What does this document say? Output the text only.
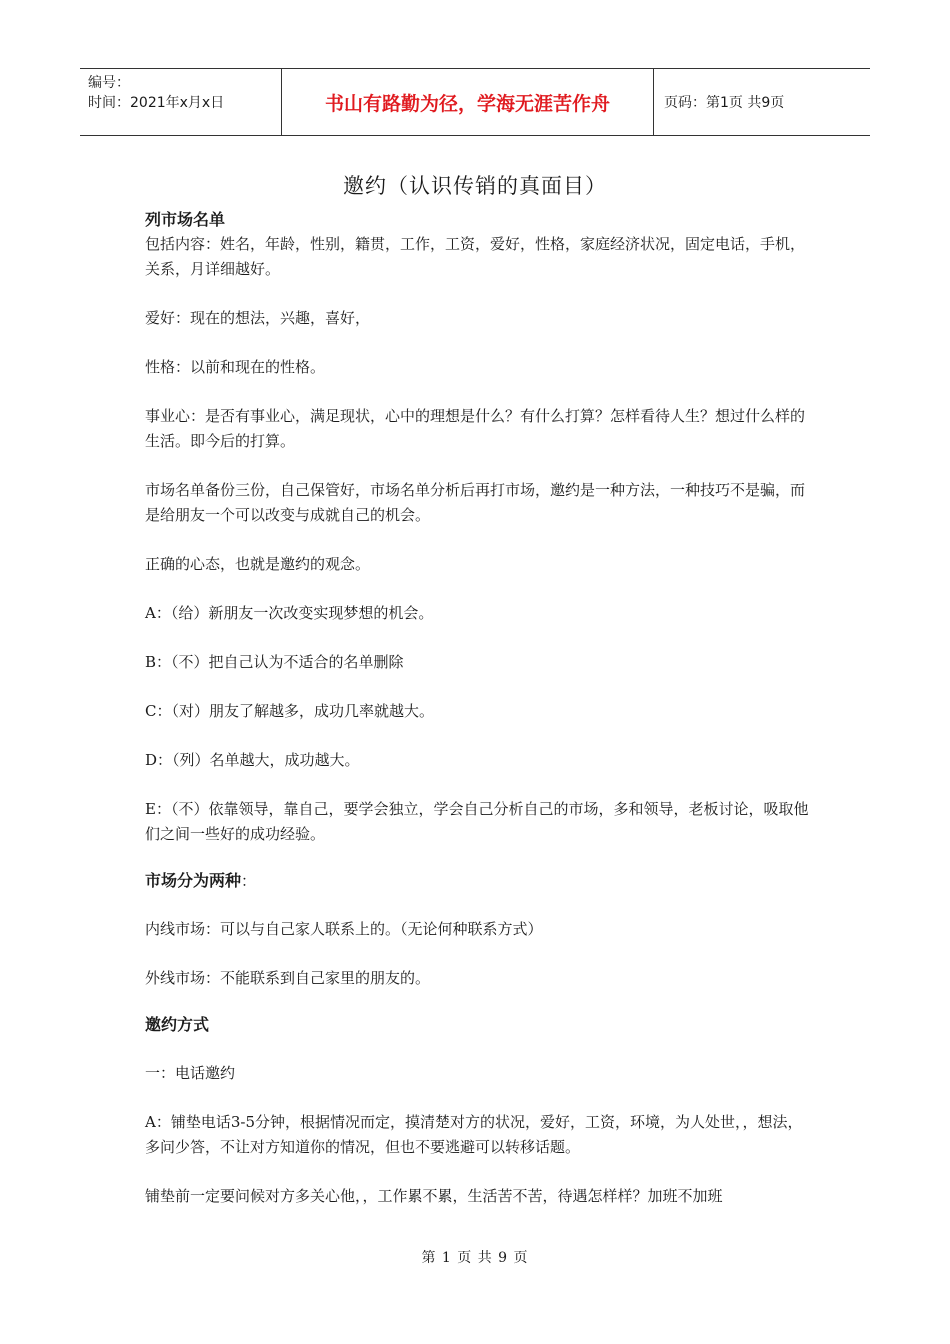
编号：
时间：2021年x月x日	书山有路勤为径，学海无涯苦作舟	页码：第1页 共9页
邀约（认识传销的真面目）

列市场名单

包括内容：姓名，年龄，性别，籍贯，工作，工资，爱好，性格，家庭经济状况，固定电话，手机，关系，月详细越好。

爱好：现在的想法，兴趣，喜好，

性格：以前和现在的性格。

事业心：是否有事业心，满足现状，心中的理想是什么？有什么打算？怎样看待人生？想过什么样的生活。即今后的打算。

市场名单备份三份，自己保管好，市场名单分析后再打市场，邀约是一种方法，一种技巧不是骗，而是给朋友一个可以改变与成就自己的机会。

正确的心态，也就是邀约的观念。

A：（给）新朋友一次改变实现梦想的机会。

B：（不）把自己认为不适合的名单删除

C：（对）朋友了解越多，成功几率就越大。

D：（列）名单越大，成功越大。

E：（不）依靠领导，靠自己，要学会独立，学会自己分析自己的市场，多和领导，老板讨论，吸取他们之间一些好的成功经验。

市场分为两种：

内线市场：可以与自己家人联系上的。（无论何种联系方式）

外线市场：不能联系到自己家里的朋友的。

邀约方式

一：电话邀约

A：铺垫电话3-5分钟，根据情况而定，摸清楚对方的状况，爱好，工资，环境，为人处世，，想法，多问少答，不让对方知道你的情况，但也不要逃避可以转移话题。

铺垫前一定要问候对方多关心他，，工作累不累，生活苦不苦，待遇怎样样？加班不加班

第 1 页 共 9 页
